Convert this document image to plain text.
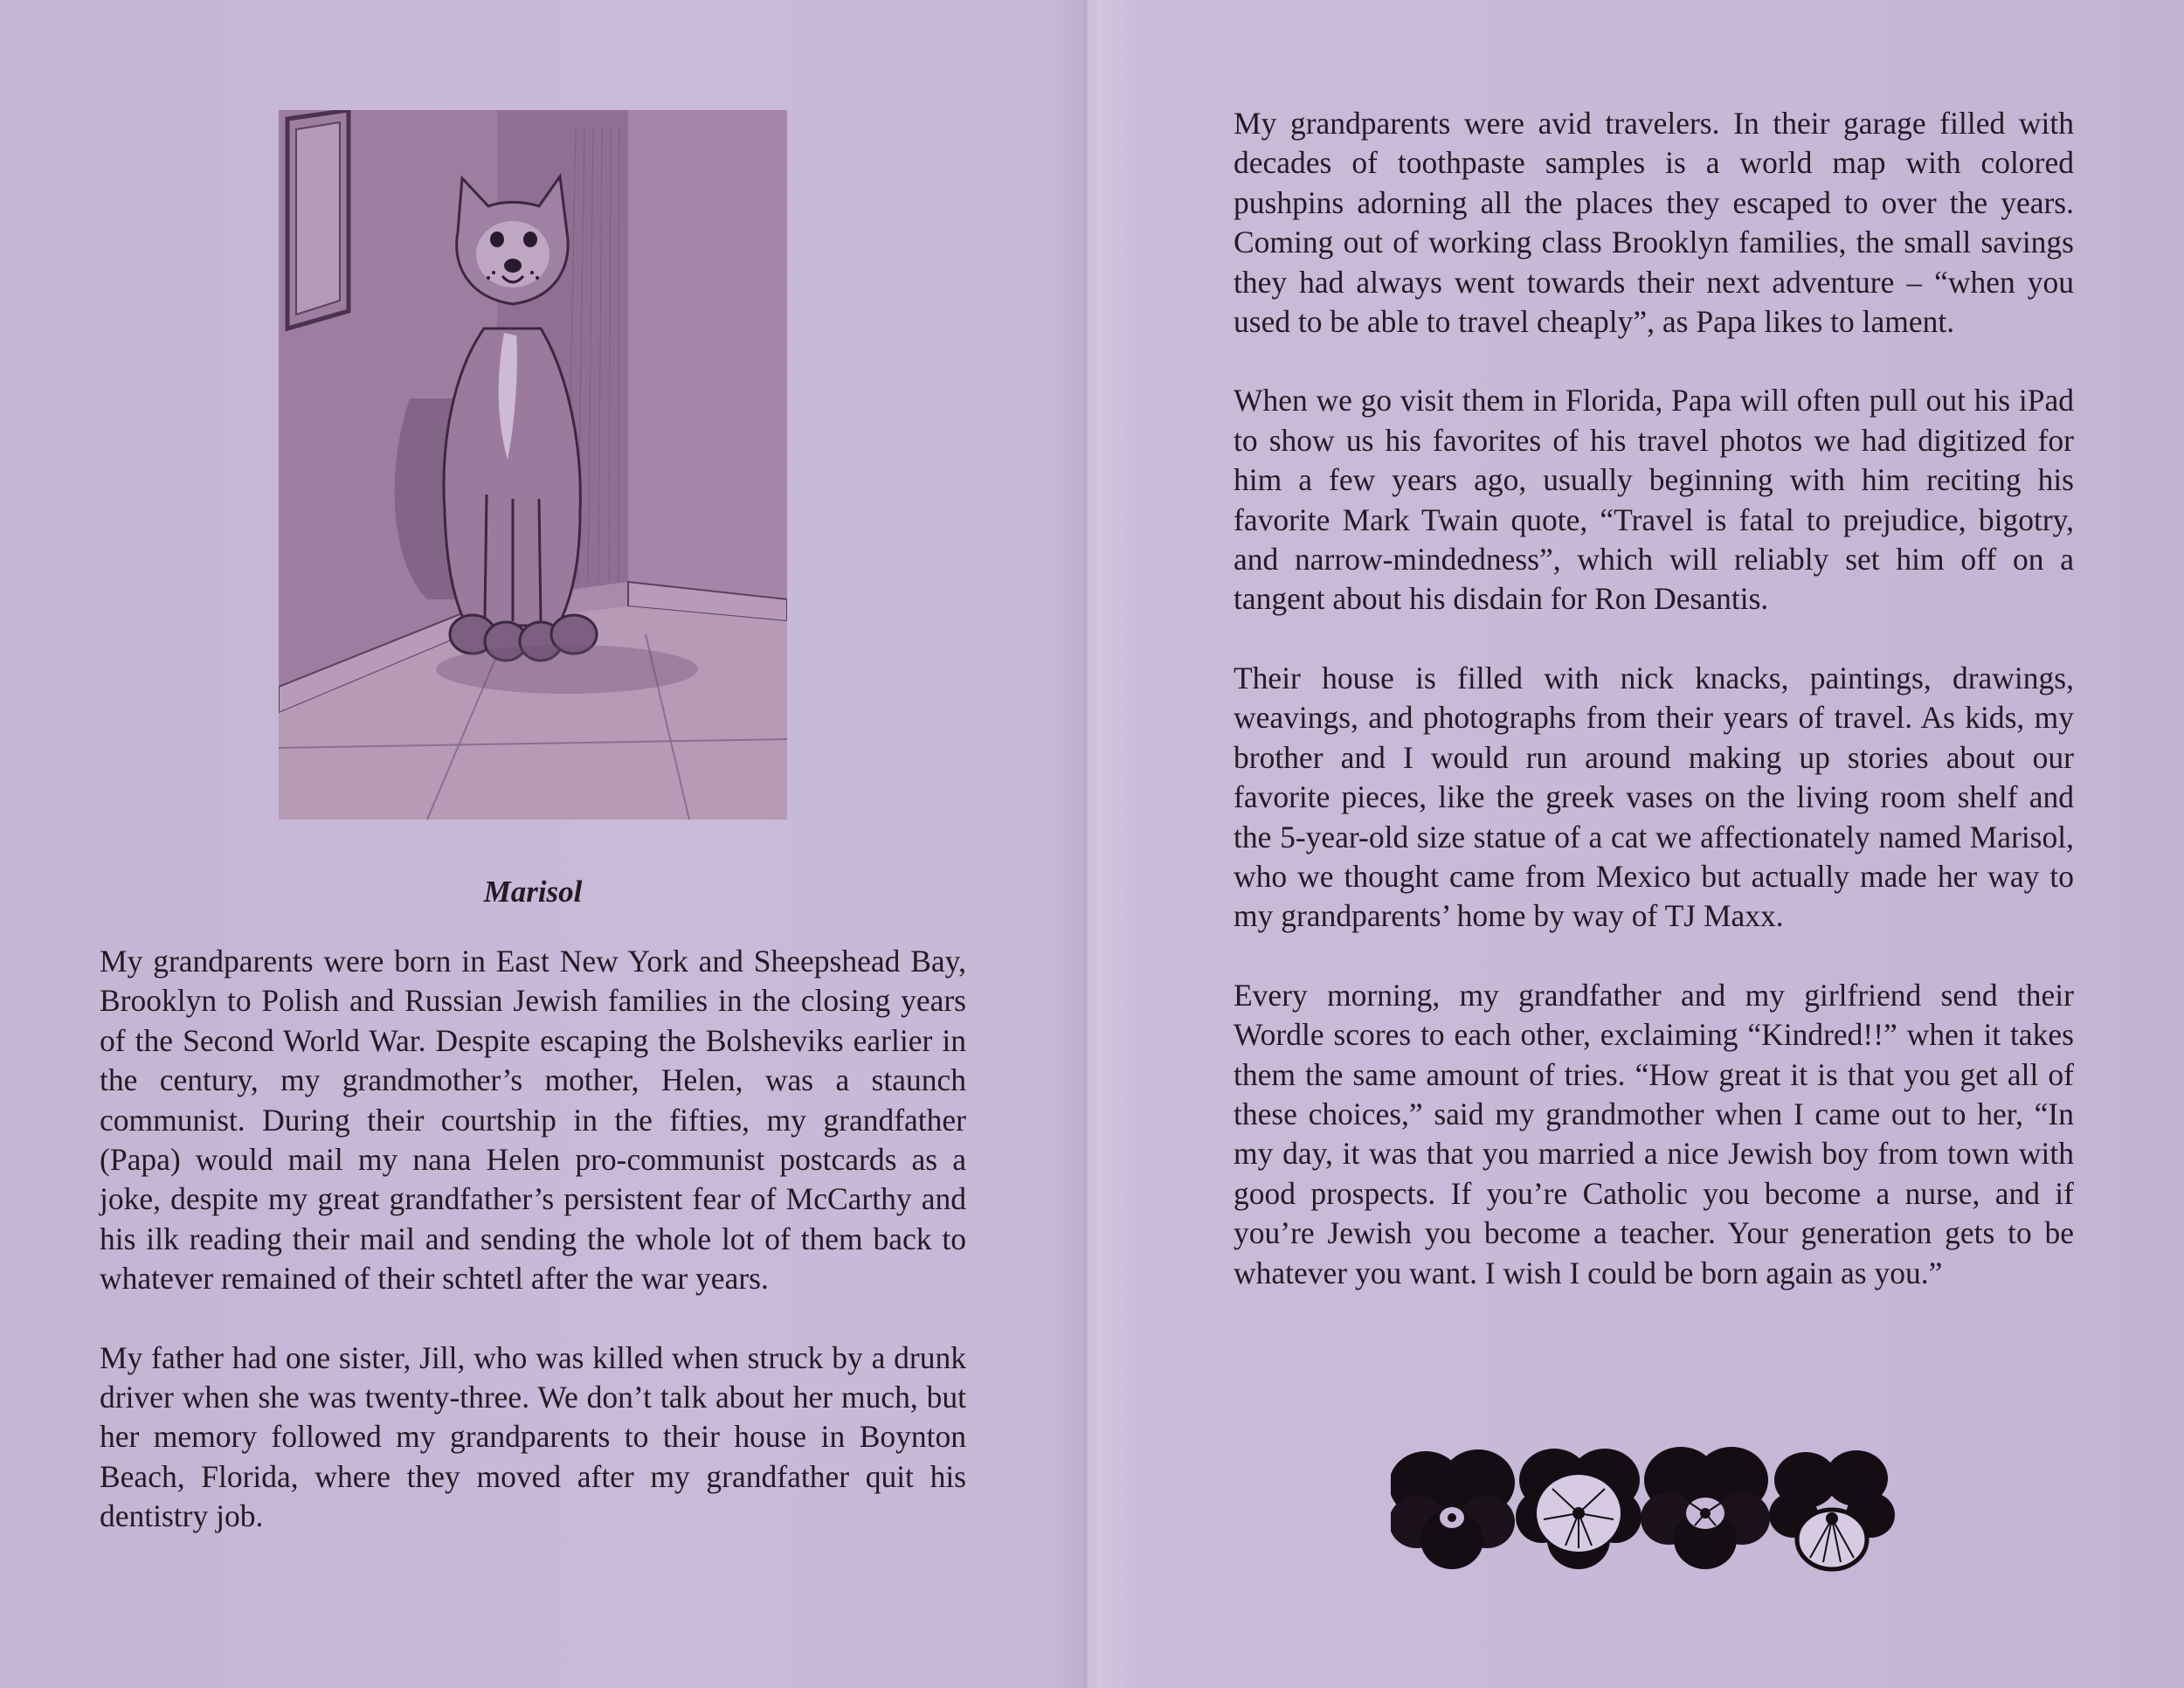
Marisol

My grandparents were born in East New York and Sheepshead Bay, Brooklyn to Polish and Russian Jewish families in the closing years of the Second World War. Despite escaping the Bolsheviks earlier in the century, my grandmother’s mother, Helen, was a staunch communist. During their courtship in the fifties, my grandfather (Papa) would mail my nana Helen pro-communist postcards as a joke, despite my great grandfather’s persistent fear of McCarthy and his ilk reading their mail and sending the whole lot of them back to whatever remained of their schtetl after the war years.

My father had one sister, Jill, who was killed when struck by a drunk driver when she was twenty-three. We don’t talk about her much, but her memory followed my grandparents to their house in Boynton Beach, Florida, where they moved after my grandfather quit his dentistry job.

My grandparents were avid travelers. In their garage filled with decades of toothpaste samples is a world map with colored pushpins adorning all the places they escaped to over the years. Coming out of working class Brooklyn families, the small savings they had always went towards their next adventure – “when you used to be able to travel cheaply”, as Papa likes to lament.

When we go visit them in Florida, Papa will often pull out his iPad to show us his favorites of his travel photos we had digitized for him a few years ago, usually beginning with him reciting his favorite Mark Twain quote, “Travel is fatal to prejudice, bigotry, and narrow-mindedness”, which will reliably set him off on a tangent about his disdain for Ron Desantis.

Their house is filled with nick knacks, paintings, drawings, weavings, and photographs from their years of travel. As kids, my brother and I would run around making up stories about our favorite pieces, like the greek vases on the living room shelf and the 5-year-old size statue of a cat we affectionately named Marisol, who we thought came from Mexico but actually made her way to my grandparents’ home by way of TJ Maxx.

Every morning, my grandfather and my girlfriend send their Wordle scores to each other, exclaiming “Kindred!!” when it takes them the same amount of tries. “How great it is that you get all of these choices,” said my grandmother when I came out to her, “In my day, it was that you married a nice Jewish boy from town with good prospects. If you’re Catholic you become a nurse, and if you’re Jewish you become a teacher. Your generation gets to be whatever you want. I wish I could be born again as you.”
